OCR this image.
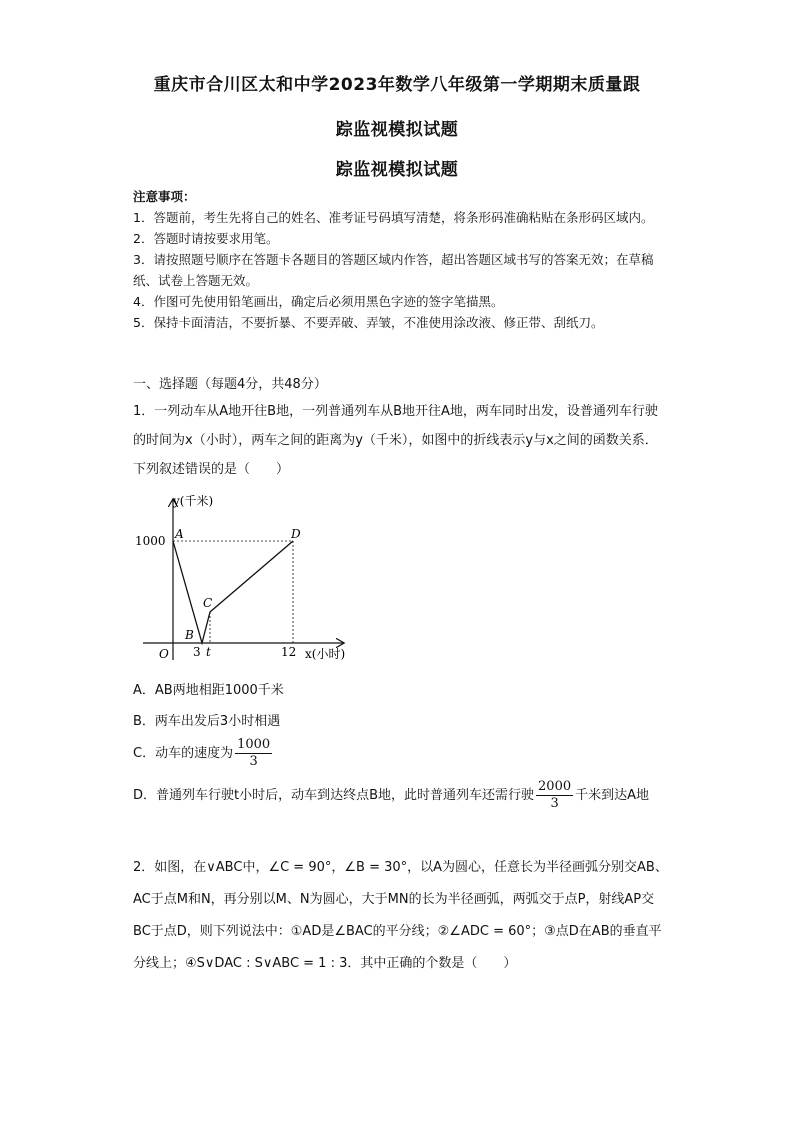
重庆市合川区太和中学2023年数学八年级第一学期期末质量跟
踪监视模拟试题
踪监视模拟试题
注意事项：
1．答题前，考生先将自己的姓名、准考证号码填写清楚，将条形码准确粘贴在条形码区域内。
2．答题时请按要求用笔。
3．请按照题号顺序在答题卡各题目的答题区域内作答，超出答题区域书写的答案无效；在草稿纸、试卷上答题无效。
4．作图可先使用铅笔画出，确定后必须用黑色字迹的签字笔描黑。
5．保持卡面清洁，不要折暴、不要弄破、弄皱，不准使用涂改液、修正带、刮纸刀。
一、选择题（每题4分，共48分）
1．一列动车从A地开往B地，一列普通列车从B地开往A地，两车同时出发，设普通列车行驶的时间为x（小时），两车之间的距离为y（千米），如图中的折线表示y与x之间的函数关系．下列叙述错误的是（　　）
y(千米)
x(小时)
O
1000
3 t	12
A
B
C
D
A．AB两地相距1000千米
B．两车出发后3小时相遇
C．动车的速度为 $\frac{1000}{3}$
D．普通列车行驶t小时后，动车到达终点B地，此时普通列车还需行驶 $\frac{2000}{3}$ 千米到达A地
2．如图，在∨ABC中，∠C = 90°，∠B = 30°，以A为圆心，任意长为半径画弧分别交AB、AC于点M和N，再分别以M、N为圆心，大于MN的长为半径画弧，两弧交于点P，射线AP交BC于点D，则下列说法中：①AD是∠BAC的平分线；②∠ADC = 60°；③点D在AB的垂直平分线上；④S∨DAC : S∨ABC = 1 : 3．其中正确的个数是（　　）
